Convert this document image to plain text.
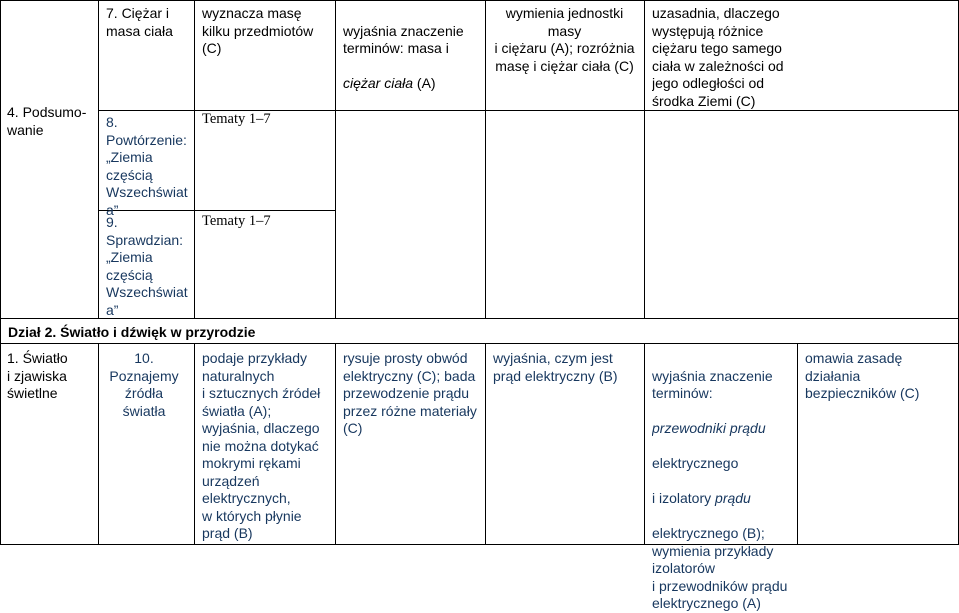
4. Podsumo-
wanie
7. Ciężar i
masa ciała
8.
Powtórzenie:
„Ziemia
częścią
Wszechświat
a”
9.
Sprawdzian:
„Ziemia
częścią
Wszechświat
a”
wyznacza masę
kilku przedmiotów
(C)
Tematy 1–7
Tematy 1–7

wyjaśnia znaczenie
terminów: masa i

ciężar ciała (A)

wymienia jednostki
masy
i ciężaru (A); rozróżnia
masę i ciężar ciała (C)
uzasadnia, dlaczego
występują różnice
ciężaru tego samego
ciała w zależności od
jego odległości od
środka Ziemi (C)
Dział 2. Światło i dźwięk w przyrodzie
1. Światło
i zjawiska
świetlne
10.
Poznajemy
źródła
światła
podaje przykłady
naturalnych
i sztucznych źródeł
światła (A);
wyjaśnia, dlaczego
nie można dotykać
mokrymi rękami
urządzeń
elektrycznych,
w których płynie
prąd (B)
rysuje prosty obwód
elektryczny (C); bada
przewodzenie prądu
przez różne materiały
(C)
wyjaśnia, czym jest
prąd elektryczny (B)	wyjaśnia znaczenie
terminów:

przewodniki prądu

elektrycznego

i izolatory prądu

elektrycznego (B);
wymienia przykłady
izolatorów
i przewodników prądu
elektrycznego (A)

omawia zasadę
działania
bezpieczników (C)
